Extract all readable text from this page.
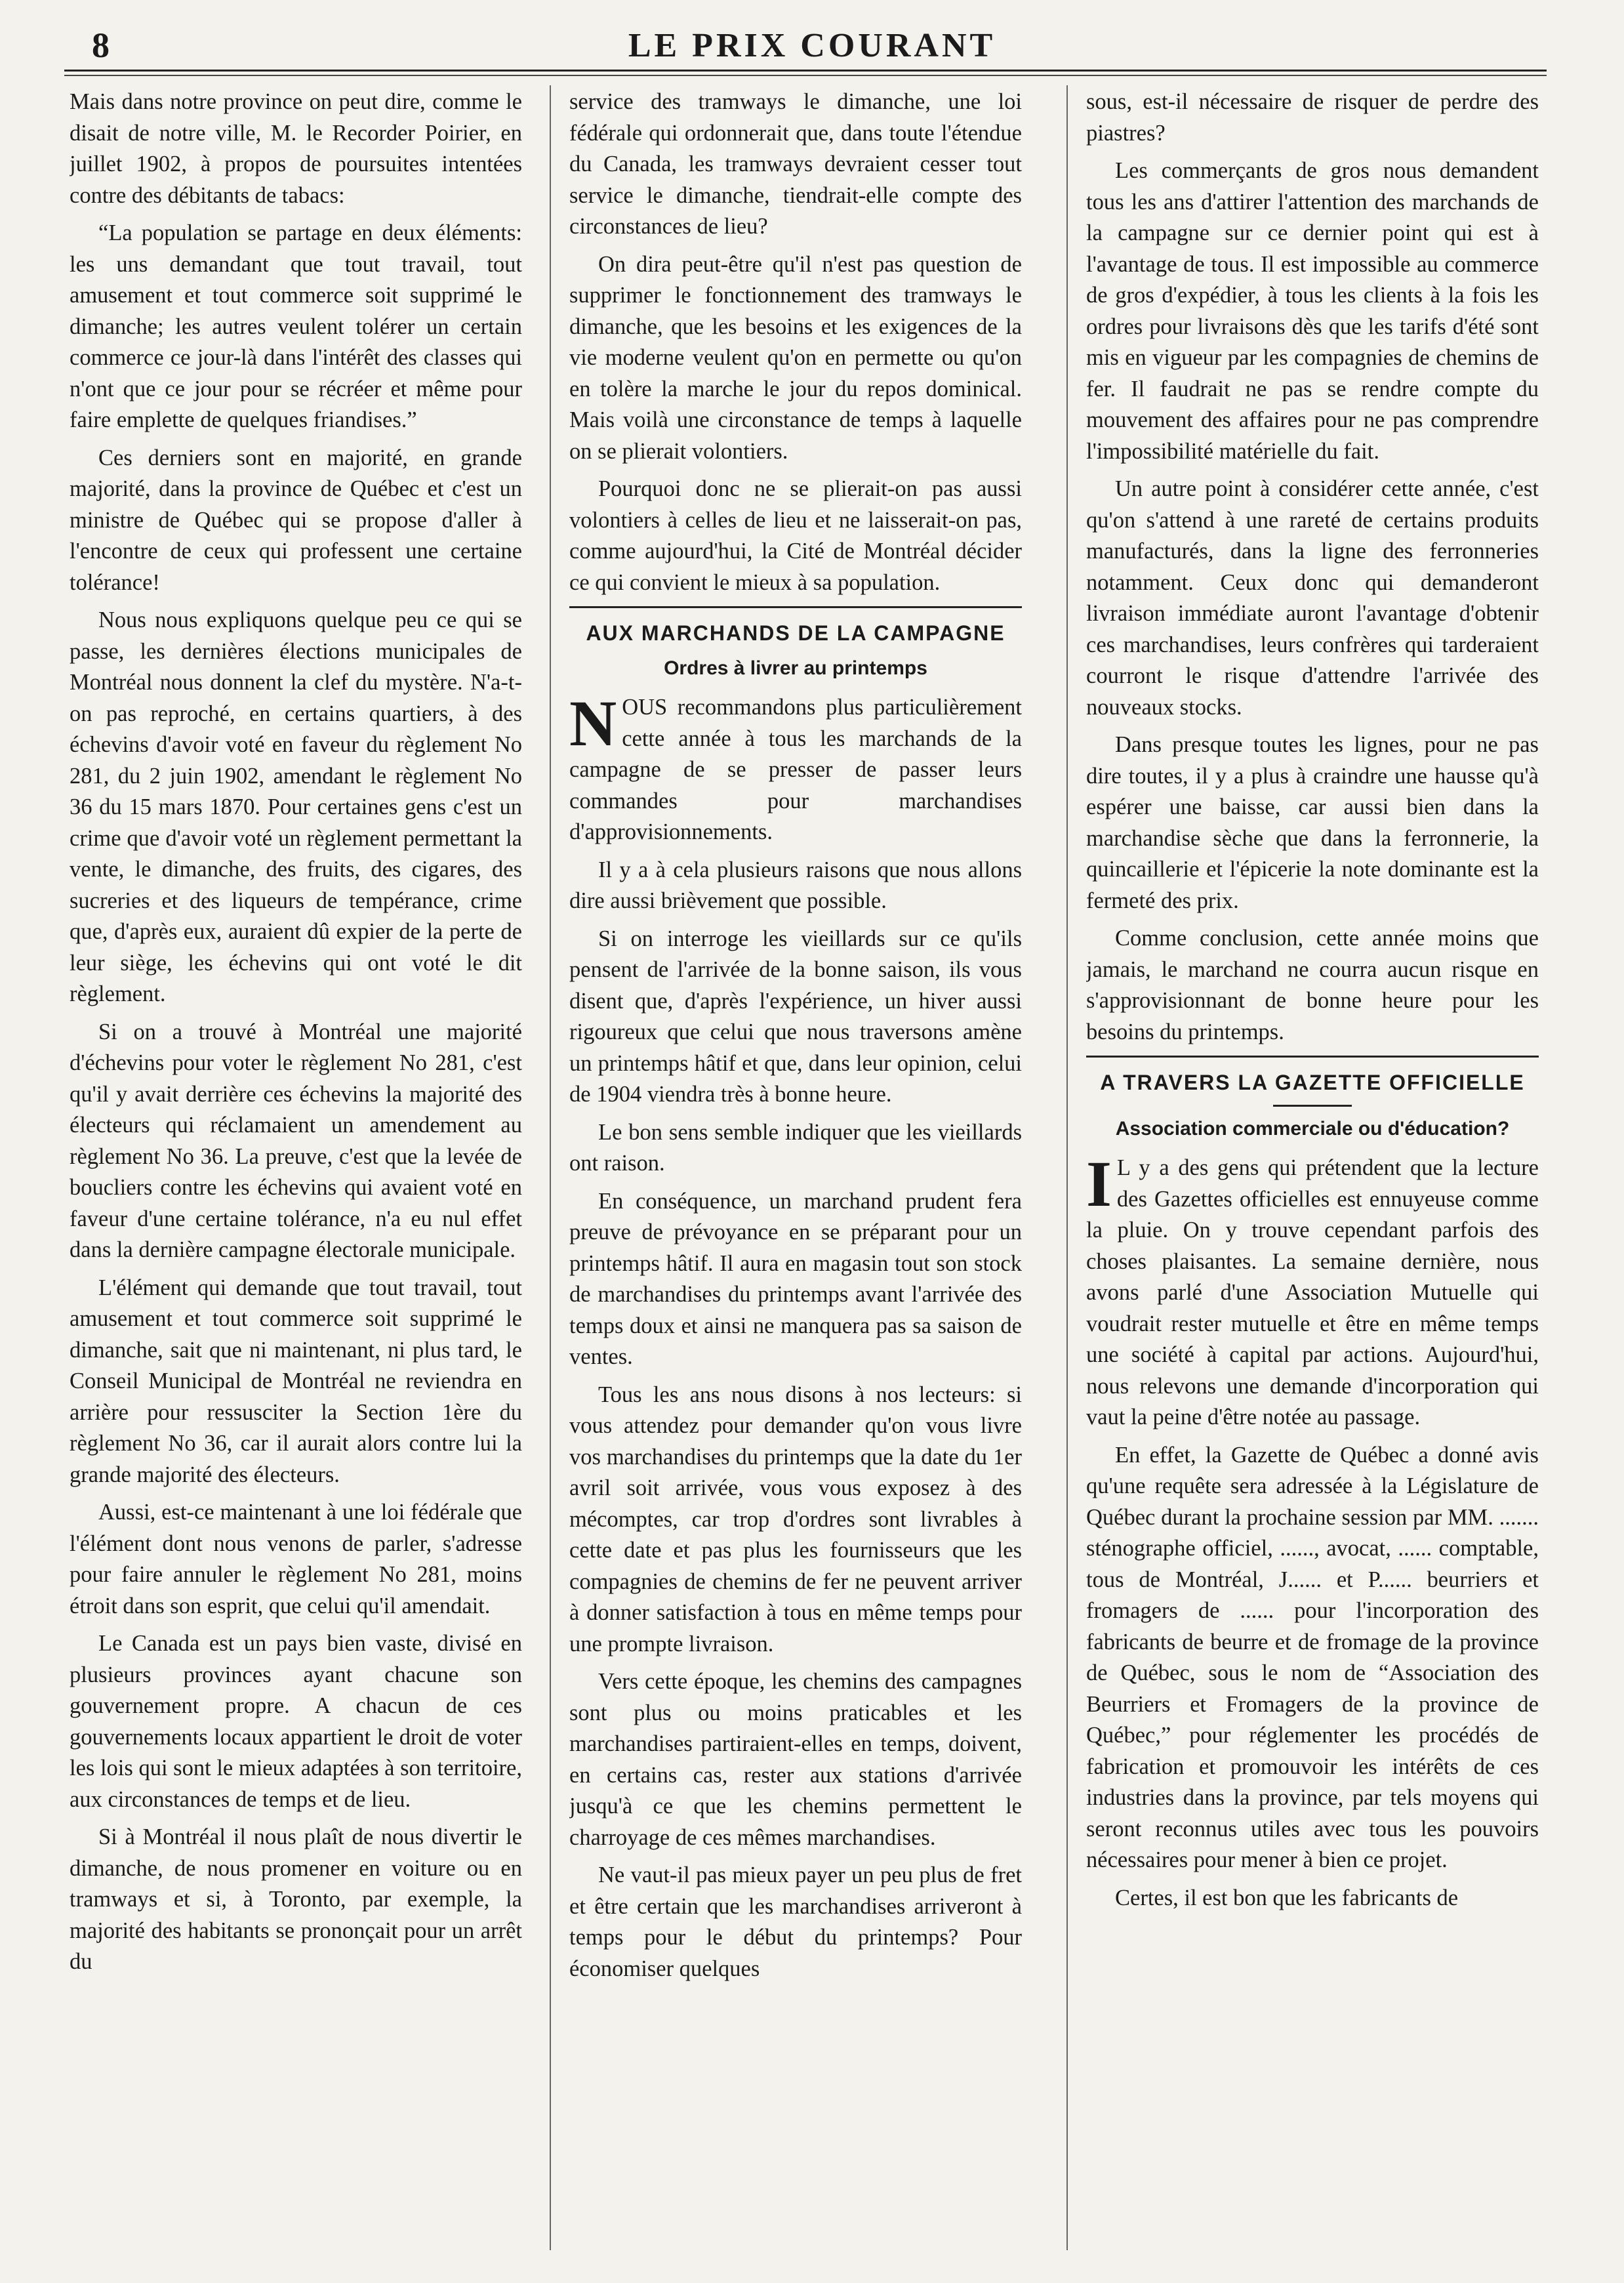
8	LE PRIX COURANT

Mais dans notre province on peut dire, comme le disait de notre ville, M. le Recorder Poirier, en juillet 1902, à propos de poursuites intentées contre des débitants de tabacs:

“La population se partage en deux éléments: les uns demandant que tout travail, tout amusement et tout commerce soit supprimé le dimanche; les autres veulent tolérer un certain commerce ce jour-là dans l'intérêt des classes qui n'ont que ce jour pour se récréer et même pour faire emplette de quelques friandises.”

Ces derniers sont en majorité, en grande majorité, dans la province de Québec et c'est un ministre de Québec qui se propose d'aller à l'encontre de ceux qui professent une certaine tolérance!

Nous nous expliquons quelque peu ce qui se passe, les dernières élections municipales de Montréal nous donnent la clef du mystère. N'a-t-on pas reproché, en certains quartiers, à des échevins d'avoir voté en faveur du règlement No 281, du 2 juin 1902, amendant le règlement No 36 du 15 mars 1870. Pour certaines gens c'est un crime que d'avoir voté un règlement permettant la vente, le dimanche, des fruits, des cigares, des sucreries et des liqueurs de tempérance, crime que, d'après eux, auraient dû expier de la perte de leur siège, les échevins qui ont voté le dit règlement.

Si on a trouvé à Montréal une majorité d'échevins pour voter le règlement No 281, c'est qu'il y avait derrière ces échevins la majorité des électeurs qui réclamaient un amendement au règlement No 36. La preuve, c'est que la levée de boucliers contre les échevins qui avaient voté en faveur d'une certaine tolérance, n'a eu nul effet dans la dernière campagne électorale municipale.

L'élément qui demande que tout travail, tout amusement et tout commerce soit supprimé le dimanche, sait que ni maintenant, ni plus tard, le Conseil Municipal de Montréal ne reviendra en arrière pour ressusciter la Section 1ère du règlement No 36, car il aurait alors contre lui la grande majorité des électeurs.

Aussi, est-ce maintenant à une loi fédérale que l'élément dont nous venons de parler, s'adresse pour faire annuler le règlement No 281, moins étroit dans son esprit, que celui qu'il amendait.

Le Canada est un pays bien vaste, divisé en plusieurs provinces ayant chacune son gouvernement propre. A chacun de ces gouvernements locaux appartient le droit de voter les lois qui sont le mieux adaptées à son territoire, aux circonstances de temps et de lieu.

Si à Montréal il nous plaît de nous divertir le dimanche, de nous promener en voiture ou en tramways et si, à Toronto, par exemple, la majorité des habitants se prononçait pour un arrêt du

service des tramways le dimanche, une loi fédérale qui ordonnerait que, dans toute l'étendue du Canada, les tramways devraient cesser tout service le dimanche, tiendrait-elle compte des circonstances de lieu?

On dira peut-être qu'il n'est pas question de supprimer le fonctionnement des tramways le dimanche, que les besoins et les exigences de la vie moderne veulent qu'on en permette ou qu'on en tolère la marche le jour du repos dominical. Mais voilà une circonstance de temps à laquelle on se plierait volontiers.

Pourquoi donc ne se plierait-on pas aussi volontiers à celles de lieu et ne laisserait-on pas, comme aujourd'hui, la Cité de Montréal décider ce qui convient le mieux à sa population.

AUX MARCHANDS DE LA CAMPAGNE
Ordres à livrer au printemps

NOUS recommandons plus particulièrement cette année à tous les marchands de la campagne de se presser de passer leurs commandes pour marchandises d'approvisionnements.

Il y a à cela plusieurs raisons que nous allons dire aussi brièvement que possible.

Si on interroge les vieillards sur ce qu'ils pensent de l'arrivée de la bonne saison, ils vous disent que, d'après l'expérience, un hiver aussi rigoureux que celui que nous traversons amène un printemps hâtif et que, dans leur opinion, celui de 1904 viendra très à bonne heure.

Le bon sens semble indiquer que les vieillards ont raison.

En conséquence, un marchand prudent fera preuve de prévoyance en se préparant pour un printemps hâtif. Il aura en magasin tout son stock de marchandises du printemps avant l'arrivée des temps doux et ainsi ne manquera pas sa saison de ventes.

Tous les ans nous disons à nos lecteurs: si vous attendez pour demander qu'on vous livre vos marchandises du printemps que la date du 1er avril soit arrivée, vous vous exposez à des mécomptes, car trop d'ordres sont livrables à cette date et pas plus les fournisseurs que les compagnies de chemins de fer ne peuvent arriver à donner satisfaction à tous en même temps pour une prompte livraison.

Vers cette époque, les chemins des campagnes sont plus ou moins praticables et les marchandises partiraient-elles en temps, doivent, en certains cas, rester aux stations d'arrivée jusqu'à ce que les chemins permettent le charroyage de ces mêmes marchandises.

Ne vaut-il pas mieux payer un peu plus de fret et être certain que les marchandises arriveront à temps pour le début du printemps? Pour économiser quelques

sous, est-il nécessaire de risquer de perdre des piastres?

Les commerçants de gros nous demandent tous les ans d'attirer l'attention des marchands de la campagne sur ce dernier point qui est à l'avantage de tous. Il est impossible au commerce de gros d'expédier, à tous les clients à la fois les ordres pour livraisons dès que les tarifs d'été sont mis en vigueur par les compagnies de chemins de fer. Il faudrait ne pas se rendre compte du mouvement des affaires pour ne pas comprendre l'impossibilité matérielle du fait.

Un autre point à considérer cette année, c'est qu'on s'attend à une rareté de certains produits manufacturés, dans la ligne des ferronneries notamment. Ceux donc qui demanderont livraison immédiate auront l'avantage d'obtenir ces marchandises, leurs confrères qui tarderaient courront le risque d'attendre l'arrivée des nouveaux stocks.

Dans presque toutes les lignes, pour ne pas dire toutes, il y a plus à craindre une hausse qu'à espérer une baisse, car aussi bien dans la marchandise sèche que dans la ferronnerie, la quincaillerie et l'épicerie la note dominante est la fermeté des prix.

Comme conclusion, cette année moins que jamais, le marchand ne courra aucun risque en s'approvisionnant de bonne heure pour les besoins du printemps.

A TRAVERS LA GAZETTE OFFICIELLE
Association commerciale ou d'éducation?

I L y a des gens qui prétendent que la lecture des Gazettes officielles est ennuyeuse comme la pluie. On y trouve cependant parfois des choses plaisantes. La semaine dernière, nous avons parlé d'une Association Mutuelle qui voudrait rester mutuelle et être en même temps une société à capital par actions. Aujourd'hui, nous relevons une demande d'incorporation qui vaut la peine d'être notée au passage.

En effet, la Gazette de Québec a donné avis qu'une requête sera adressée à la Législature de Québec durant la prochaine session par MM. ....... sténographe officiel, ......, avocat, ...... comptable, tous de Montréal, J...... et P...... beurriers et fromagers de ...... pour l'incorporation des fabricants de beurre et de fromage de la province de Québec, sous le nom de “Association des Beurriers et Fromagers de la province de Québec,” pour réglementer les procédés de fabrication et promouvoir les intérêts de ces industries dans la province, par tels moyens qui seront reconnus utiles avec tous les pouvoirs nécessaires pour mener à bien ce projet.

Certes, il est bon que les fabricants de
